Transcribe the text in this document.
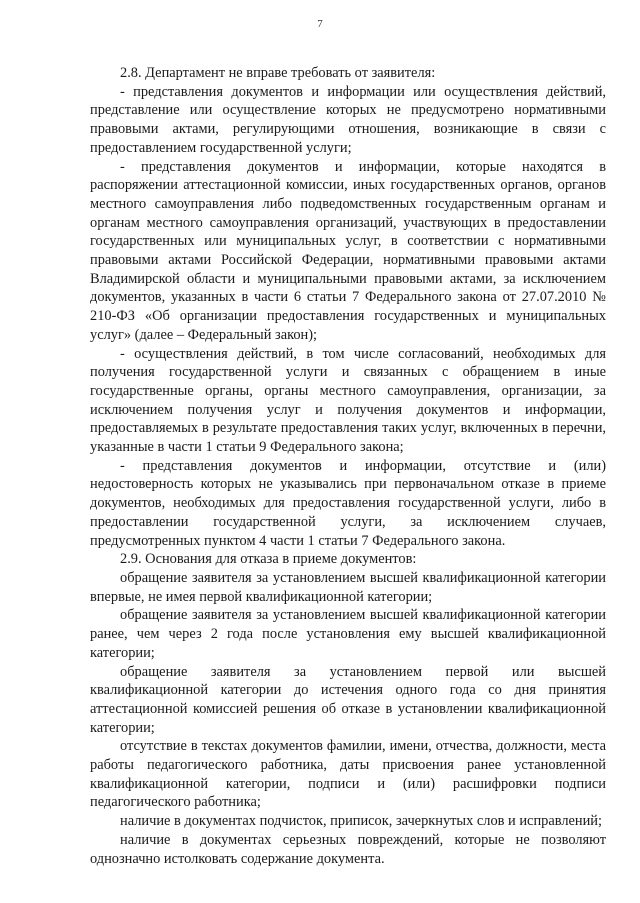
7

2.8. Департамент не вправе требовать от заявителя:

- представления документов и информации или осуществления действий, представление или осуществление которых не предусмотрено нормативными правовыми актами, регулирующими отношения, возникающие в связи с предоставлением государственной услуги;

- представления документов и информации, которые находятся в распоряжении аттестационной комиссии, иных государственных органов, органов местного самоуправления либо подведомственных государственным органам и органам местного самоуправления организаций, участвующих в предоставлении государственных или муниципальных услуг, в соответствии с нормативными правовыми актами Российской Федерации, нормативными правовыми актами Владимирской области и муниципальными правовыми актами, за исключением документов, указанных в части 6 статьи 7 Федерального закона от 27.07.2010 № 210-ФЗ «Об организации предоставления государственных и муниципальных услуг» (далее – Федеральный закон);

- осуществления действий, в том числе согласований, необходимых для получения государственной услуги и связанных с обращением в иные государственные органы, органы местного самоуправления, организации, за исключением получения услуг и получения документов и информации, предоставляемых в результате предоставления таких услуг, включенных в перечни, указанные в части 1 статьи 9 Федерального закона;

- представления документов и информации, отсутствие и (или) недостоверность которых не указывались при первоначальном отказе в приеме документов, необходимых для предоставления государственной услуги, либо в предоставлении государственной услуги, за исключением случаев, предусмотренных пунктом 4 части 1 статьи 7 Федерального закона.

2.9. Основания для отказа в приеме документов:

обращение заявителя за установлением высшей квалификационной категории впервые, не имея первой квалификационной категории;

обращение заявителя за установлением высшей квалификационной категории ранее, чем через 2 года после установления ему высшей квалификационной категории;

обращение заявителя за установлением первой или высшей квалификационной категории до истечения одного года со дня принятия аттестационной комиссией решения об отказе в установлении квалификационной категории;

отсутствие в текстах документов фамилии, имени, отчества, должности, места работы педагогического работника, даты присвоения ранее установленной квалификационной категории, подписи и (или) расшифровки подписи педагогического работника;

наличие в документах подчисток, приписок, зачеркнутых слов и исправлений;

наличие в документах серьезных повреждений, которые не позволяют однозначно истолковать содержание документа.
